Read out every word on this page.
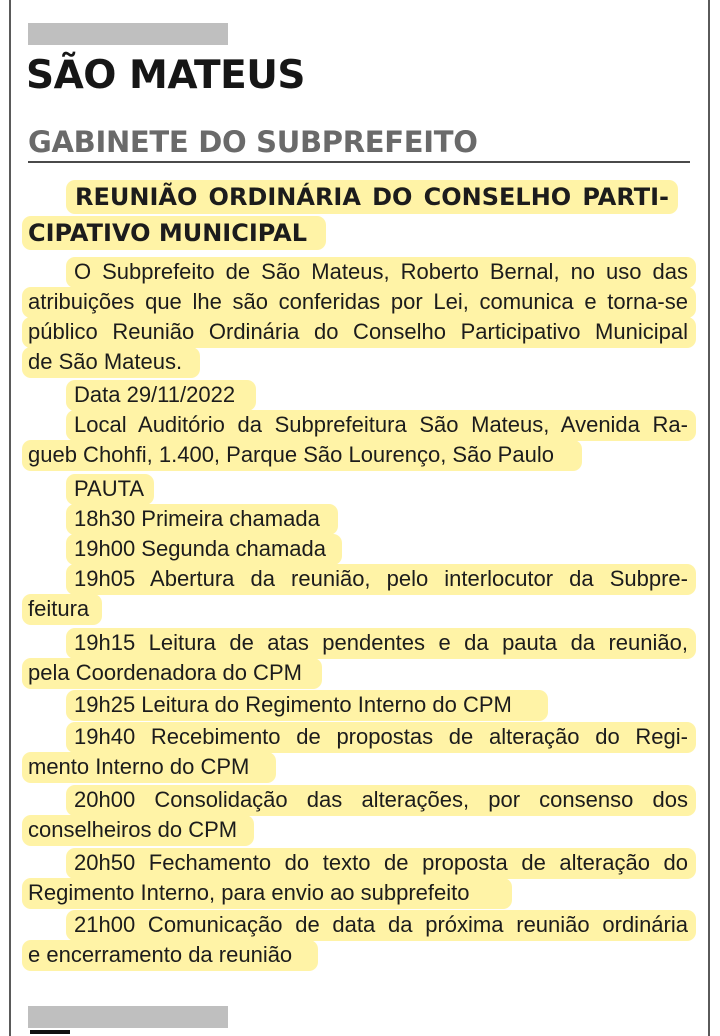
SÃO MATEUS
GABINETE DO SUBPREFEITO
REUNIÃO ORDINÁRIA DO CONSELHO PARTI-
CIPATIVO MUNICIPAL
O Subprefeito de São Mateus, Roberto Bernal, no uso das
atribuições que lhe são conferidas por Lei, comunica e torna-se
público Reunião Ordinária do Conselho Participativo Municipal
de São Mateus.
Data 29/11/2022
Local Auditório da Subprefeitura São Mateus, Avenida Ra-
gueb Chohfi, 1.400, Parque São Lourenço, São Paulo
PAUTA
18h30 Primeira chamada
19h00 Segunda chamada
19h05 Abertura da reunião, pelo interlocutor da Subpre-
feitura
19h15 Leitura de atas pendentes e da pauta da reunião,
pela Coordenadora do CPM
19h25 Leitura do Regimento Interno do CPM
19h40 Recebimento de propostas de alteração do Regi-
mento Interno do CPM
20h00 Consolidação das alterações, por consenso dos
conselheiros do CPM
20h50 Fechamento do texto de proposta de alteração do
Regimento Interno, para envio ao subprefeito
21h00 Comunicação de data da próxima reunião ordinária
e encerramento da reunião
